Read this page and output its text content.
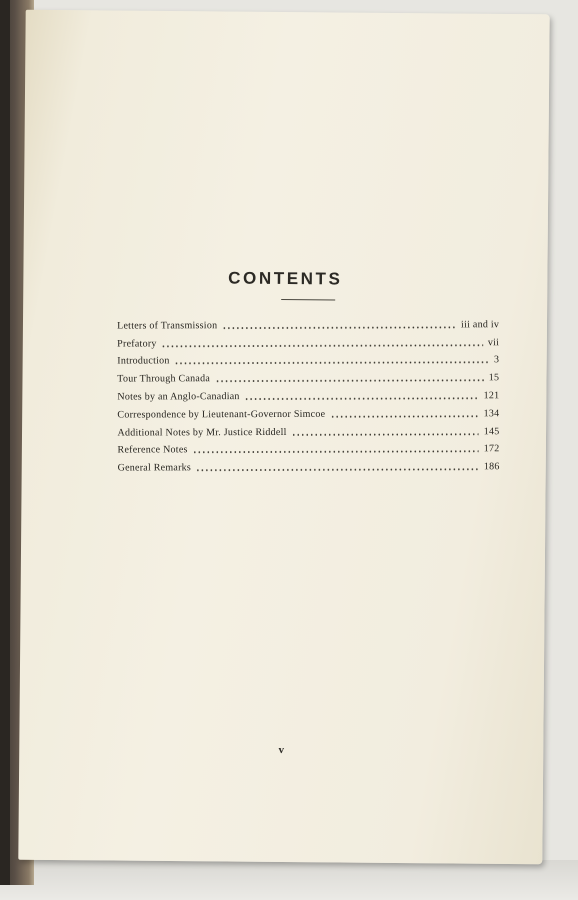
CONTENTS
Letters of Transmission	iii and iv
Prefatory	vii
Introduction	3
Tour Through Canada	15
Notes by an Anglo-Canadian	121
Correspondence by Lieutenant-Governor Simcoe	134
Additional Notes by Mr. Justice Riddell	145
Reference Notes	172
General Remarks	186
v
